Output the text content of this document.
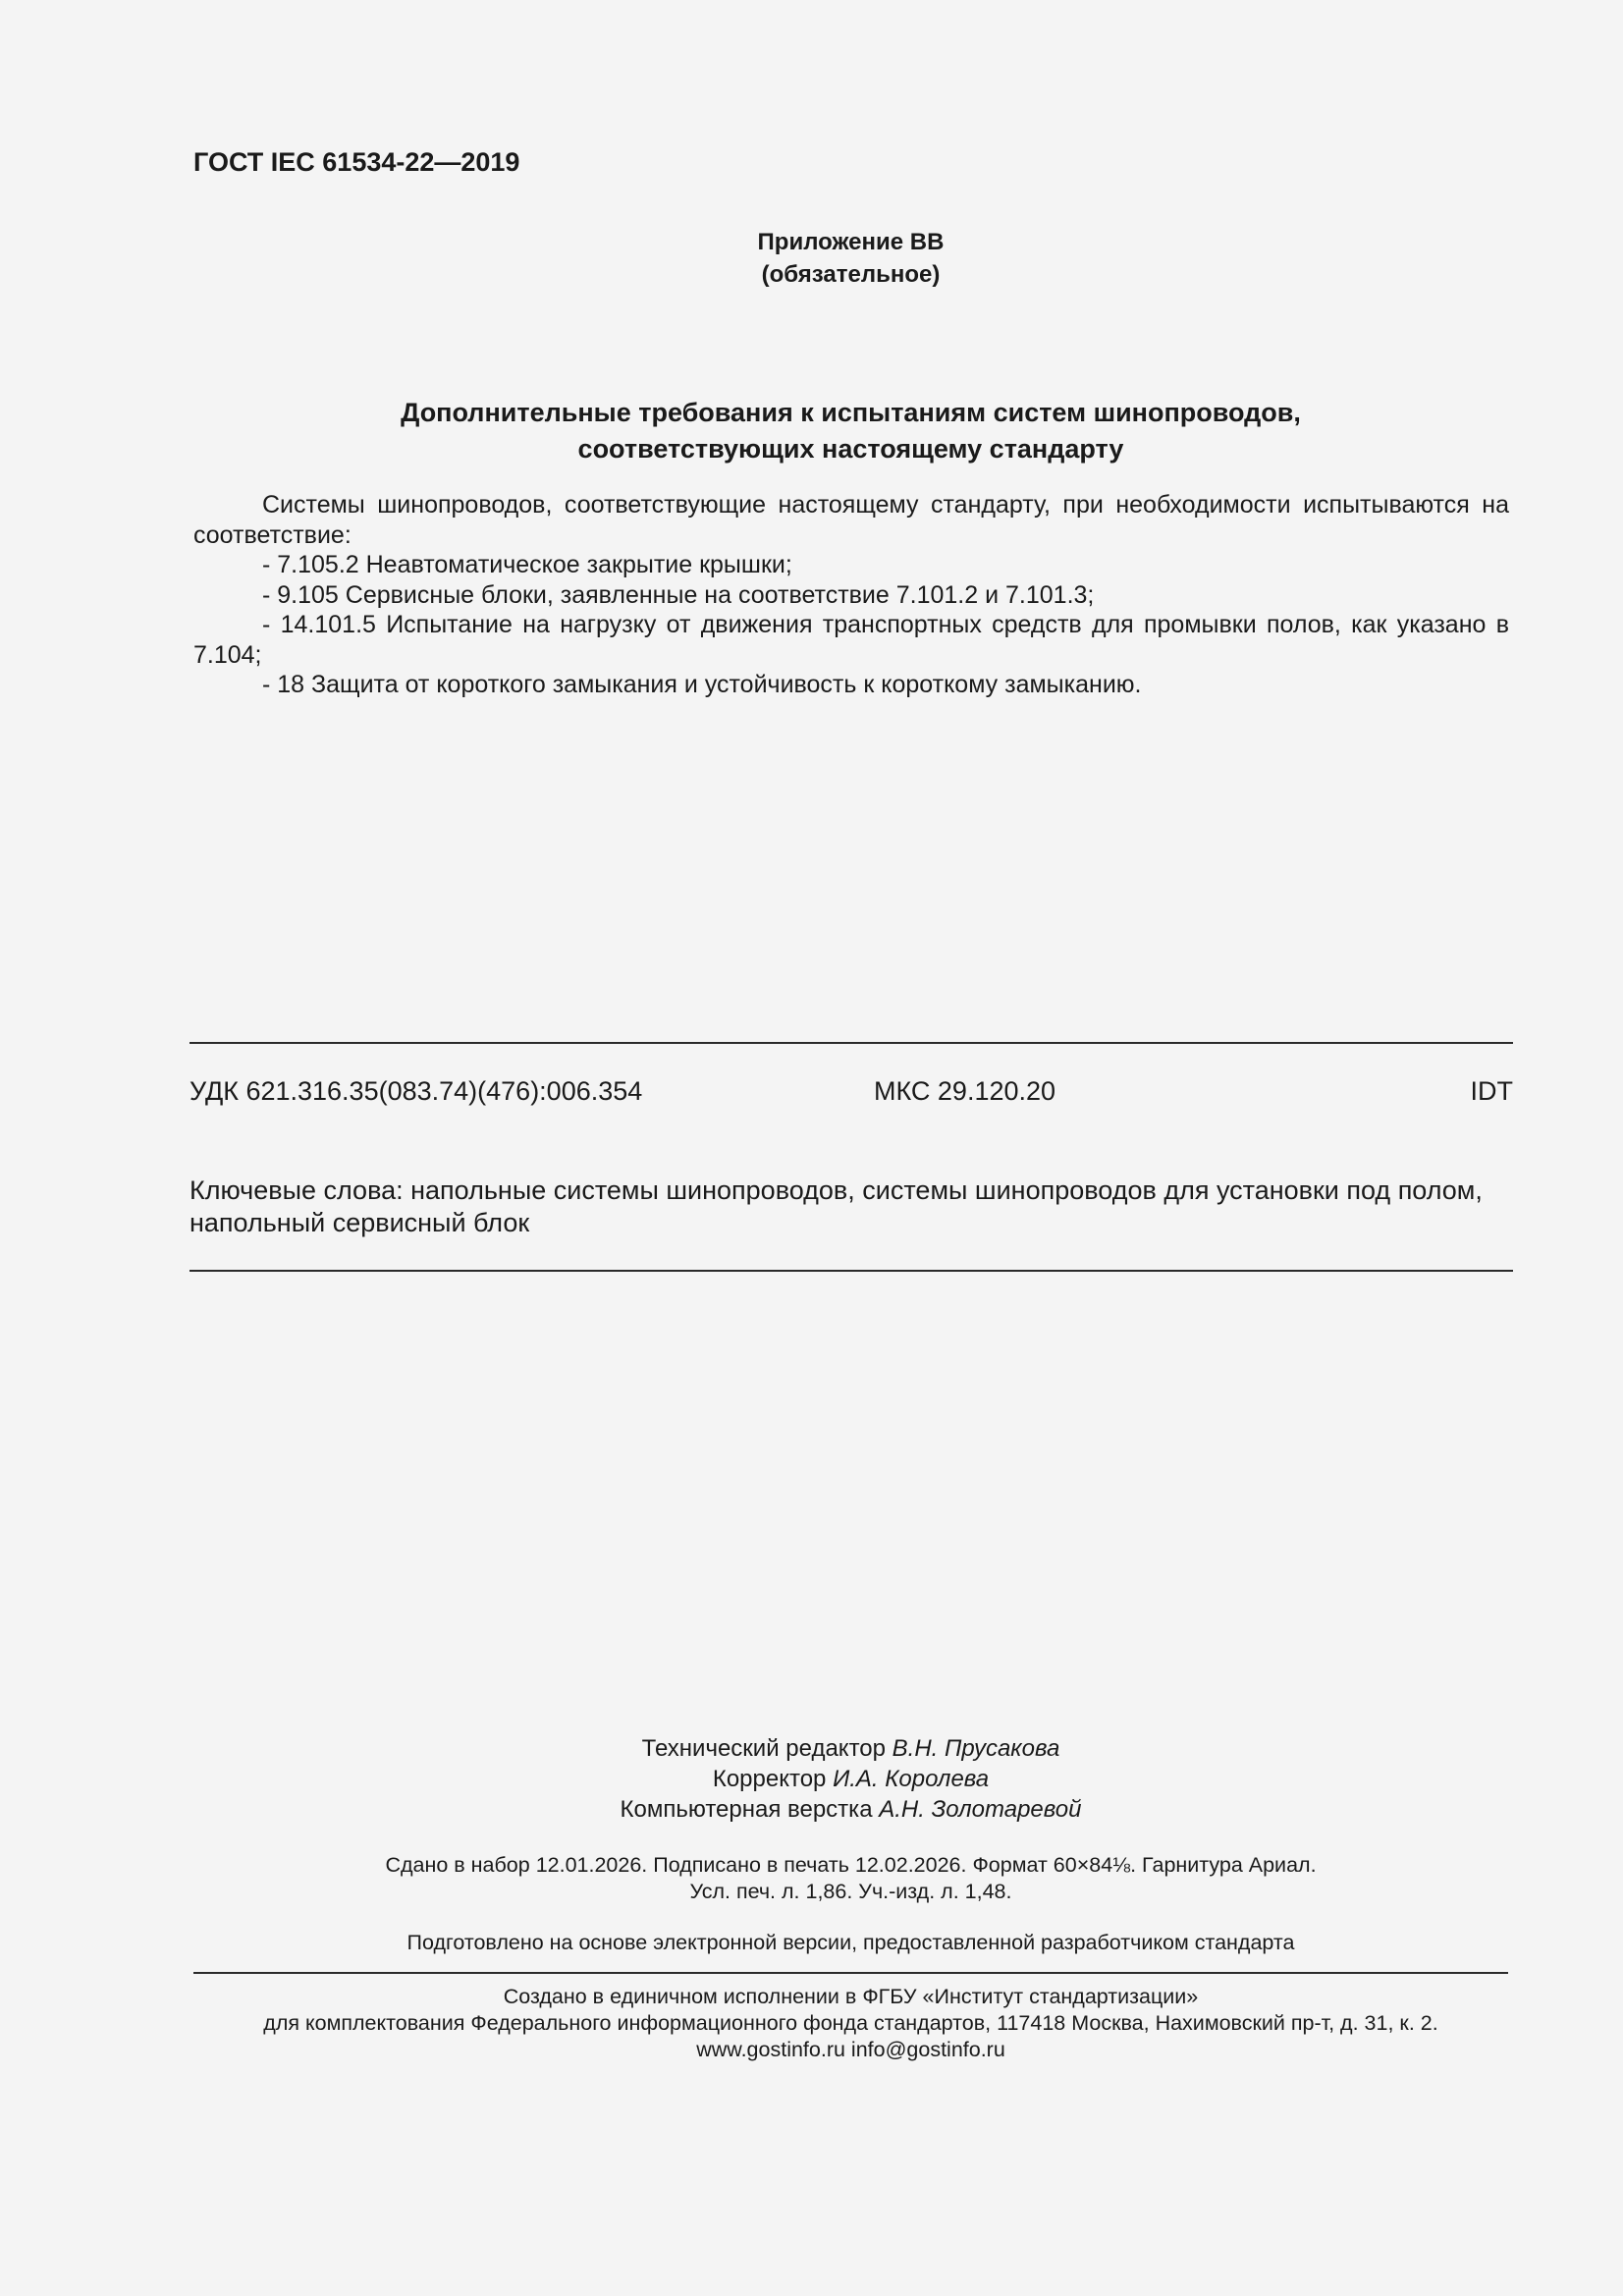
ГОСТ IEC 61534-22—2019
Приложение ВВ
(обязательное)
Дополнительные требования к испытаниям систем шинопроводов,
соответствующих настоящему стандарту

Системы шинопроводов, соответствующие настоящему стандарту, при необходимости испытываются на соответствие:

- 7.105.2 Неавтоматическое закрытие крышки;

- 9.105 Сервисные блоки, заявленные на соответствие 7.101.2 и 7.101.3;

- 14.101.5 Испытание на нагрузку от движения транспортных средств для промывки полов, как указано в 7.104;

- 18 Защита от короткого замыкания и устойчивость к короткому замыканию.

УДК 621.316.35(083.74)(476):006.354	МКС 29.120.20	IDT
Ключевые слова: напольные системы шинопроводов, системы шинопроводов для установки под полом, напольный сервисный блок
Технический редактор В.Н. Прусакова
Корректор И.А. Королева
Компьютерная верстка А.Н. Золотаревой
Сдано в набор 12.01.2026. Подписано в печать 12.02.2026. Формат 60×84⅛. Гарнитура Ариал.
Усл. печ. л. 1,86. Уч.-изд. л. 1,48.
Подготовлено на основе электронной версии, предоставленной разработчиком стандарта
Создано в единичном исполнении в ФГБУ «Институт стандартизации»
для комплектования Федерального информационного фонда стандартов, 117418 Москва, Нахимовский пр-т, д. 31, к. 2.
www.gostinfo.ru info@gostinfo.ru
